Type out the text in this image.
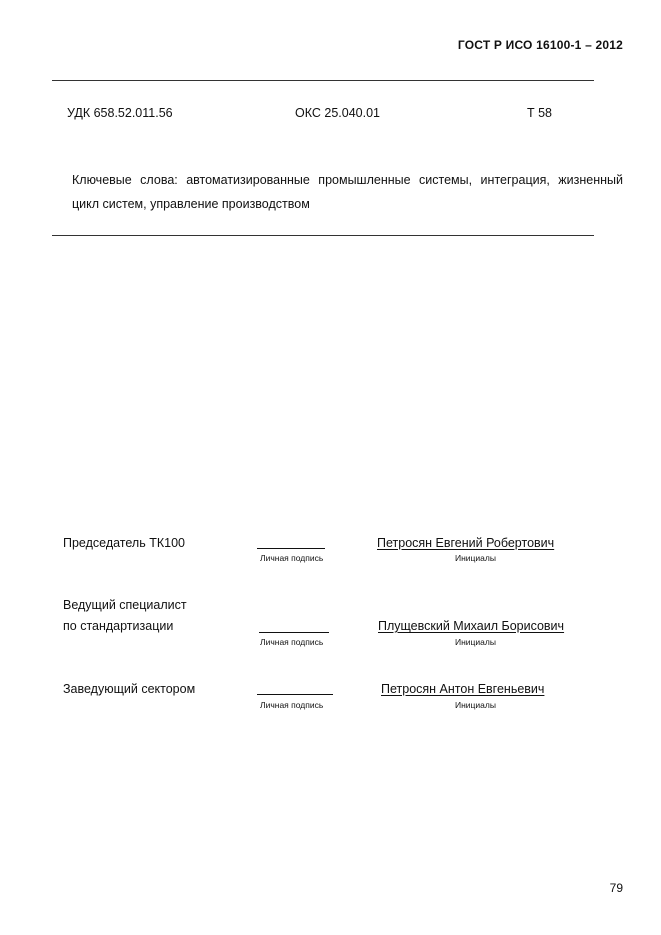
ГОСТ Р ИСО 16100-1 – 2012
УДК 658.52.011.56	ОКС 25.040.01	Т 58
Ключевые слова: автоматизированные промышленные системы, интеграция, жизненный цикл систем, управление производством
Председатель ТК100
Личная подпись
Петросян Евгений Робертович
Инициалы
Ведущий специалист
по стандартизации
Личная подпись
Плущевский Михаил Борисович
Инициалы
Заведующий сектором
Личная подпись
Петросян Антон Евгеньевич
Инициалы
79
